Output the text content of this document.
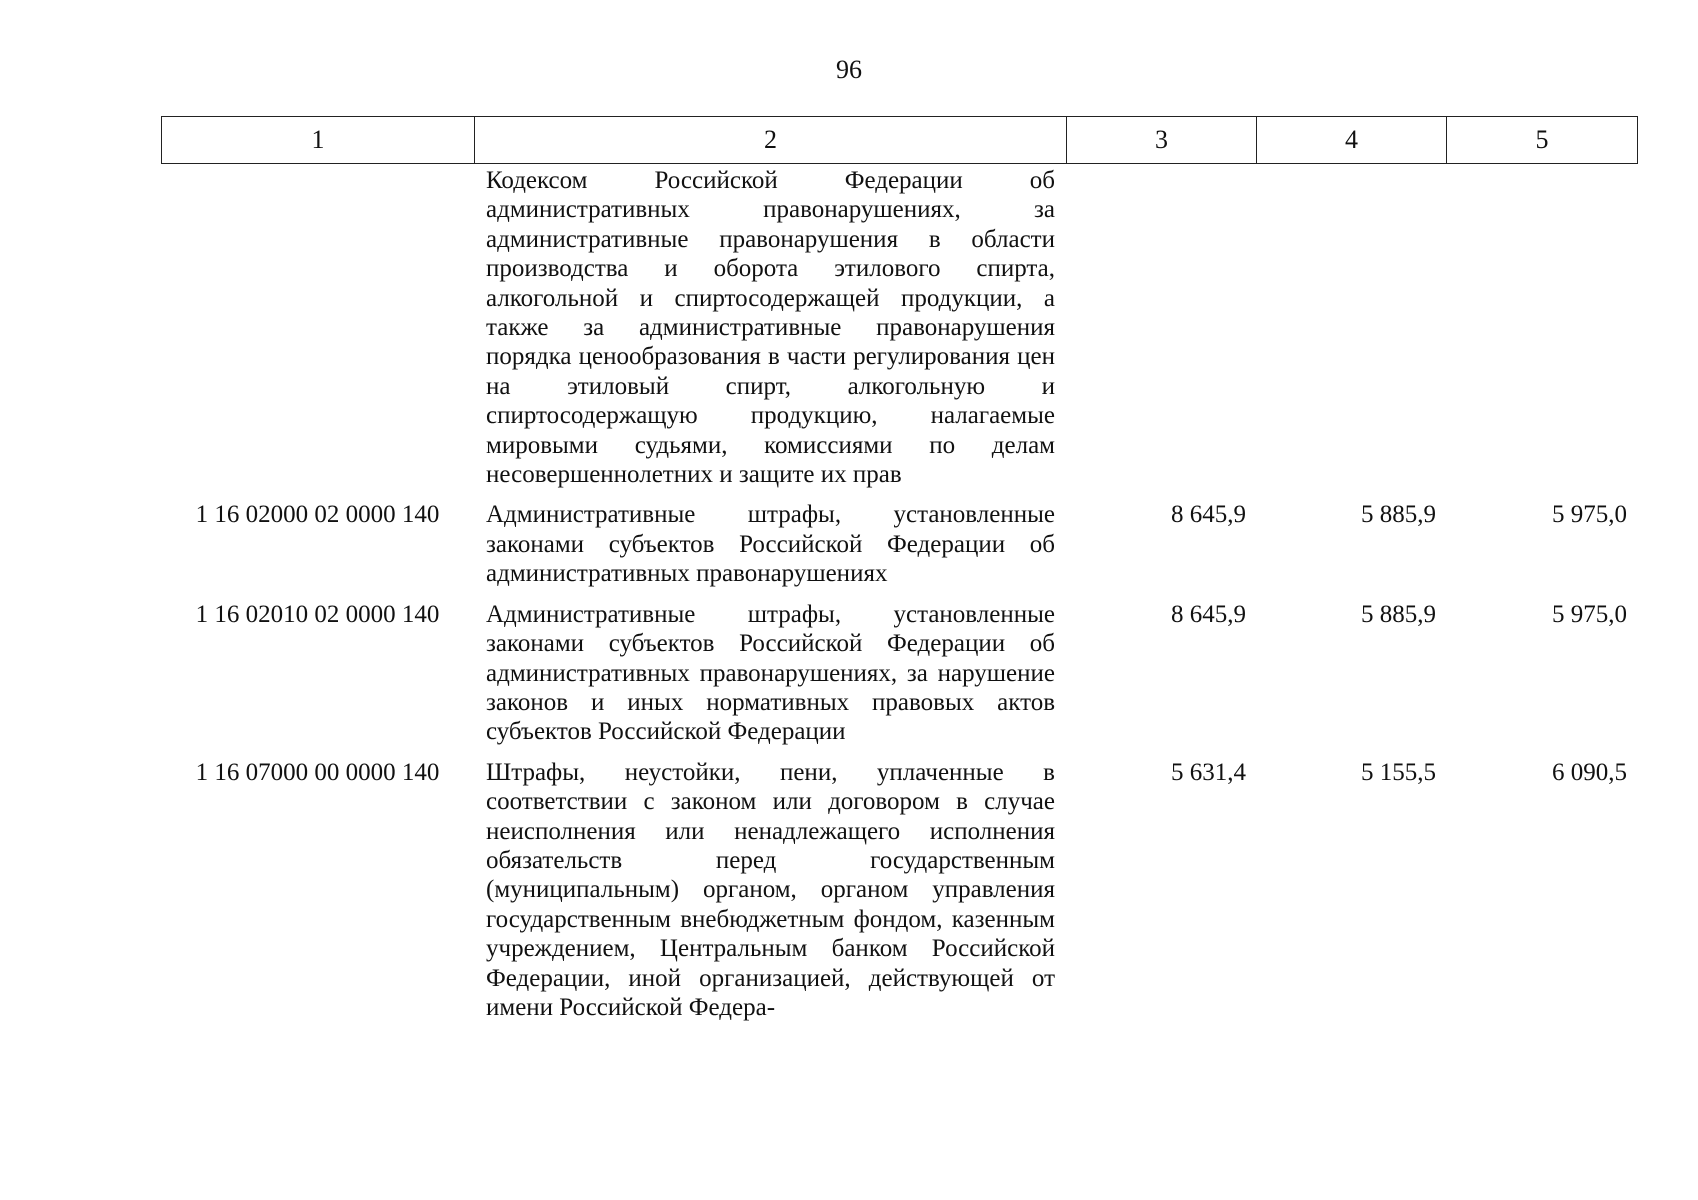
96
1	2	3	4	5
	Кодексом Российской Федерации об административных правонарушениях, за административные правонарушения в области производства и оборота этилового спирта, алкогольной и спиртосодержащей продукции, а также за административные правонарушения порядка ценообразования в части регулирования цен на этиловый спирт, алкогольную и спиртосодержащую продукцию, налагаемые мировыми судьями, комиссиями по делам несовершеннолетних и защите их прав			
1 16 02000 02 0000 140	Административные штрафы, установленные законами субъектов Российской Федерации об административных правонарушениях	8 645,9	5 885,9	5 975,0
1 16 02010 02 0000 140	Административные штрафы, установленные законами субъектов Российской Федерации об административных правонарушениях, за нарушение законов и иных нормативных правовых актов субъектов Российской Федерации	8 645,9	5 885,9	5 975,0
1 16 07000 00 0000 140	Штрафы, неустойки, пени, уплаченные в соответствии с законом или договором в случае неисполнения или ненадлежащего исполнения обязательств перед государственным (муниципальным) органом, органом управления государственным внебюджетным фондом, казенным учреждением, Центральным банком Российской Федерации, иной организацией, действующей от имени Российской Федера-	5 631,4	5 155,5	6 090,5
